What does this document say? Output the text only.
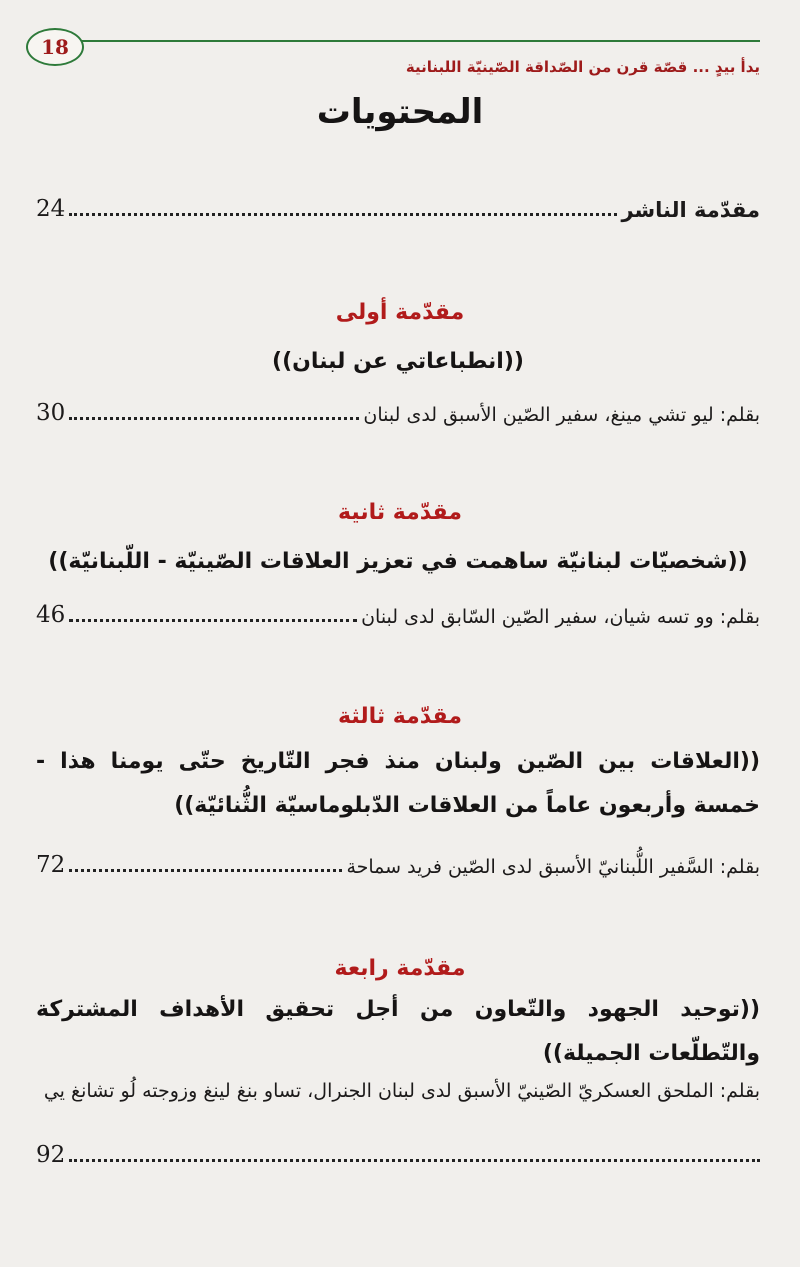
18
يدأ بيدٍ ... قصّة قرن من الصّداقة الصّينيّة اللبنانية
المحتويات
مقدّمة الناشر
24
مقدّمة أولى
((انطباعاتي عن لبنان))
بقلم: ليو تشي مينغ، سفير الصّين الأسبق لدى لبنان
30
مقدّمة ثانية
((شخصيّات لبنانيّة ساهمت في تعزيز العلاقات الصّينيّة - اللّبنانيّة))
بقلم: وو تسه شيان، سفير الصّين السّابق لدى لبنان
46
مقدّمة ثالثة
((العلاقات بين الصّين ولبنان منذ فجر التّاريخ حتّى يومنا هذا - خمسة وأربعون عاماً من العلاقات الدّبلوماسيّة الثُّنائيّة))
بقلم: السَّفير اللُّبنانيّ الأسبق لدى الصّين فريد سماحة
72
مقدّمة رابعة
((توحيد الجهود والتّعاون من أجل تحقيق الأهداف المشتركة والتّطلّعات الجميلة))
بقلم: الملحق العسكريّ الصّينيّ الأسبق لدى لبنان الجنرال، تساو بنغ لينغ وزوجته لُو تشانغ يي
92
